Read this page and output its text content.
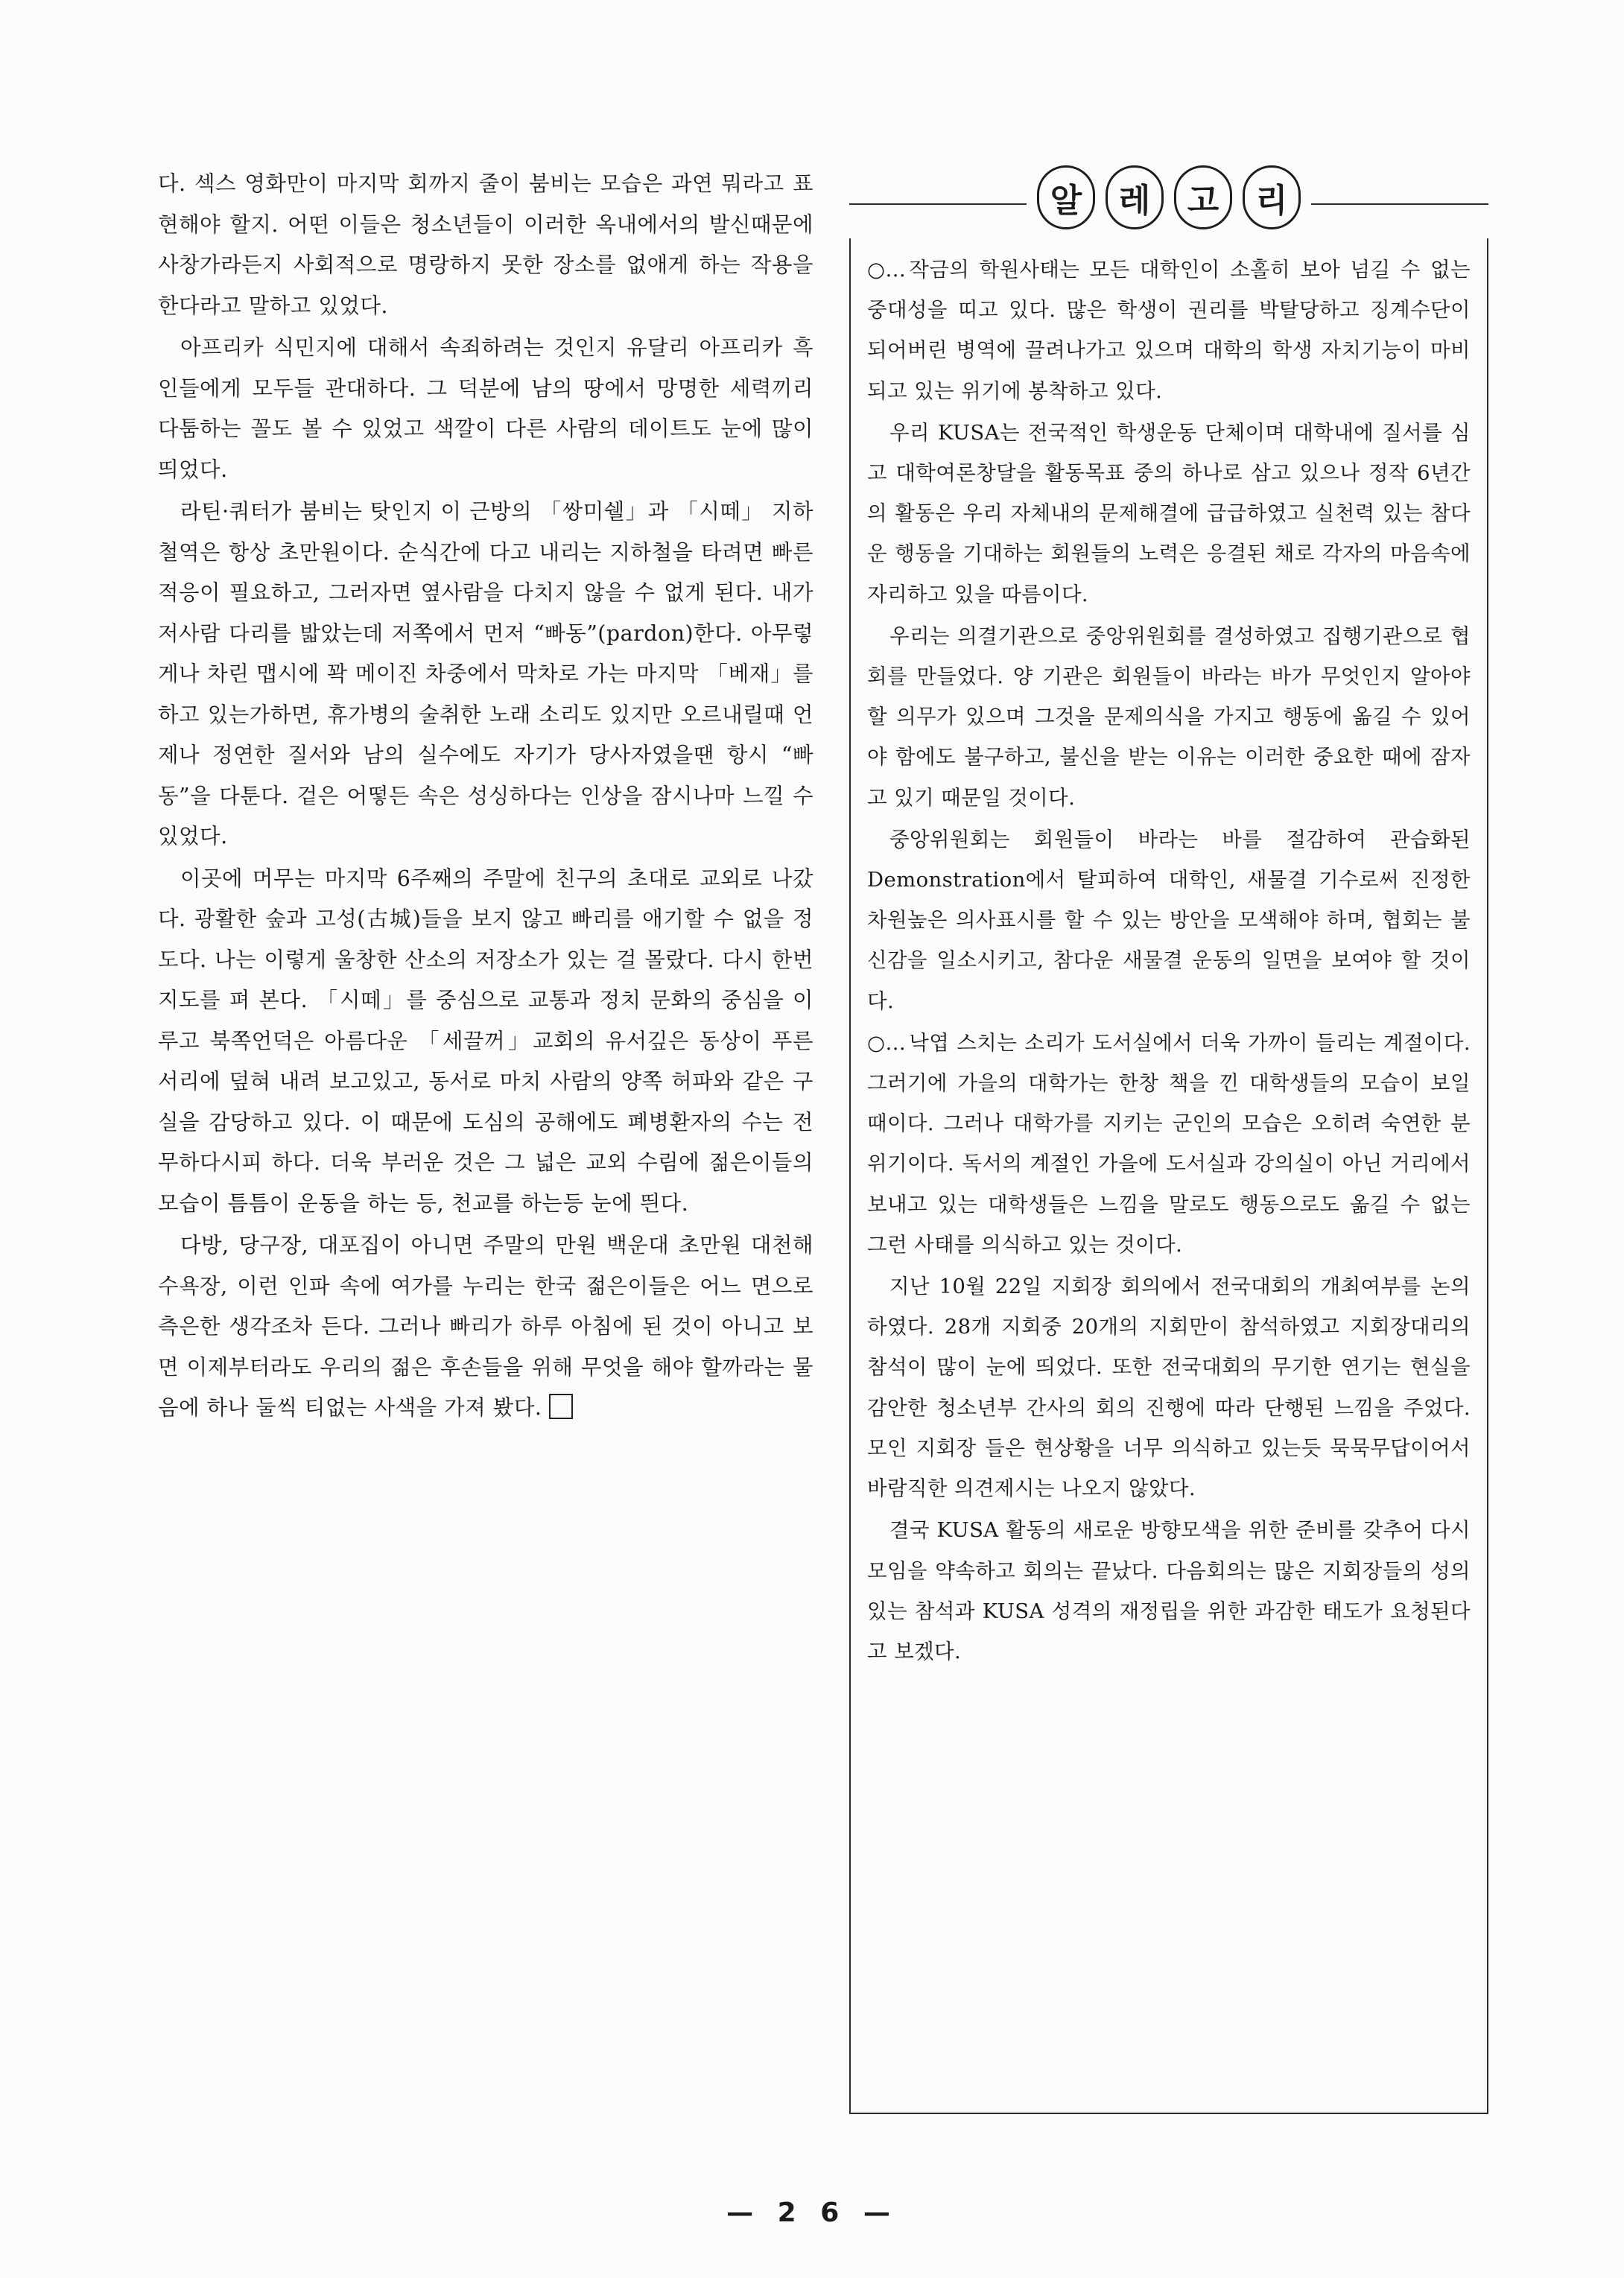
다. 섹스 영화만이 마지막 회까지 줄이 붐비는 모습은 과연 뭐라고 표현해야 할지. 어떤 이들은 청소년들이 이러한 옥내에서의 발신때문에 사창가라든지 사회적으로 명랑하지 못한 장소를 없애게 하는 작용을 한다라고 말하고 있었다.

아프리카 식민지에 대해서 속죄하려는 것인지 유달리 아프리카 흑인들에게 모두들 관대하다. 그 덕분에 남의 땅에서 망명한 세력끼리 다툼하는 꼴도 볼 수 있었고 색깔이 다른 사람의 데이트도 눈에 많이 띄었다.

라틴·쿼터가 붐비는 탓인지 이 근방의 「쌍미쉘」과 「시떼」 지하철역은 항상 초만원이다. 순식간에 다고 내리는 지하철을 타려면 빠른 적응이 필요하고, 그러자면 옆사람을 다치지 않을 수 없게 된다. 내가 저사람 다리를 밟았는데 저쪽에서 먼저 “빠동”(pardon)한다. 아무렇게나 차린 맵시에 꽉 메이진 차중에서 막차로 가는 마지막 「베재」를 하고 있는가하면, 휴가병의 술취한 노래 소리도 있지만 오르내릴때 언제나 정연한 질서와 남의 실수에도 자기가 당사자였을땐 항시 “빠동”을 다툰다. 겉은 어떻든 속은 성싱하다는 인상을 잠시나마 느낄 수 있었다.

이곳에 머무는 마지막 6주째의 주말에 친구의 초대로 교외로 나갔다. 광활한 숲과 고성(古城)들을 보지 않고 빠리를 애기할 수 없을 정도다. 나는 이렇게 울창한 산소의 저장소가 있는 걸 몰랐다. 다시 한번 지도를 펴 본다. 「시떼」를 중심으로 교통과 정치 문화의 중심을 이루고 북쪽언덕은 아름다운 「세끌꺼」교회의 유서깊은 동상이 푸른 서리에 덮혀 내려 보고있고, 동서로 마치 사람의 양쪽 허파와 같은 구실을 감당하고 있다. 이 때문에 도심의 공해에도 폐병환자의 수는 전무하다시피 하다. 더욱 부러운 것은 그 넓은 교외 수림에 젊은이들의 모습이 틈틈이 운동을 하는 등, 천교를 하는등 눈에 띈다.

다방, 당구장, 대포집이 아니면 주말의 만원 백운대 초만원 대천해수욕장, 이런 인파 속에 여가를 누리는 한국 젊은이들은 어느 면으로 측은한 생각조차 든다. 그러나 빠리가 하루 아침에 된 것이 아니고 보면 이제부터라도 우리의 젊은 후손들을 위해 무엇을 해야 할까라는 물음에 하나 둘씩 티없는 사색을 가져 봤다.

알	레	고	리

○… 작금의 학원사태는 모든 대학인이 소홀히 보아 넘길 수 없는 중대성을 띠고 있다. 많은 학생이 권리를 박탈당하고 징계수단이 되어버린 병역에 끌려나가고 있으며 대학의 학생 자치기능이 마비되고 있는 위기에 봉착하고 있다.

우리 KUSA는 전국적인 학생운동 단체이며 대학내에 질서를 심고 대학여론창달을 활동목표 중의 하나로 삼고 있으나 정작 6년간의 활동은 우리 자체내의 문제해결에 급급하였고 실천력 있는 참다운 행동을 기대하는 회원들의 노력은 응결된 채로 각자의 마음속에 자리하고 있을 따름이다.

우리는 의결기관으로 중앙위원회를 결성하였고 집행기관으로 협회를 만들었다. 양 기관은 회원들이 바라는 바가 무엇인지 알아야 할 의무가 있으며 그것을 문제의식을 가지고 행동에 옮길 수 있어야 함에도 불구하고, 불신을 받는 이유는 이러한 중요한 때에 잠자고 있기 때문일 것이다.

중앙위원회는 회원들이 바라는 바를 절감하여 관습화된 Demonstration에서 탈피하여 대학인, 새물결 기수로써 진정한 차원높은 의사표시를 할 수 있는 방안을 모색해야 하며, 협회는 불신감을 일소시키고, 참다운 새물결 운동의 일면을 보여야 할 것이다.

○… 낙엽 스치는 소리가 도서실에서 더욱 가까이 들리는 계절이다. 그러기에 가을의 대학가는 한창 책을 낀 대학생들의 모습이 보일 때이다. 그러나 대학가를 지키는 군인의 모습은 오히려 숙연한 분위기이다. 독서의 계절인 가을에 도서실과 강의실이 아닌 거리에서 보내고 있는 대학생들은 느낌을 말로도 행동으로도 옮길 수 없는 그런 사태를 의식하고 있는 것이다.

지난 10월 22일 지회장 회의에서 전국대회의 개최여부를 논의하였다. 28개 지회중 20개의 지회만이 참석하였고 지회장대리의 참석이 많이 눈에 띄었다. 또한 전국대회의 무기한 연기는 현실을 감안한 청소년부 간사의 회의 진행에 따라 단행된 느낌을 주었다. 모인 지회장 들은 현상황을 너무 의식하고 있는듯 묵묵무답이어서 바람직한 의견제시는 나오지 않았다.

결국 KUSA 활동의 새로운 방향모색을 위한 준비를 갖추어 다시 모임을 약속하고 회의는 끝났다. 다음회의는 많은 지회장들의 성의 있는 참석과 KUSA 성격의 재정립을 위한 과감한 태도가 요청된다고 보겠다.

— 2 6 —
